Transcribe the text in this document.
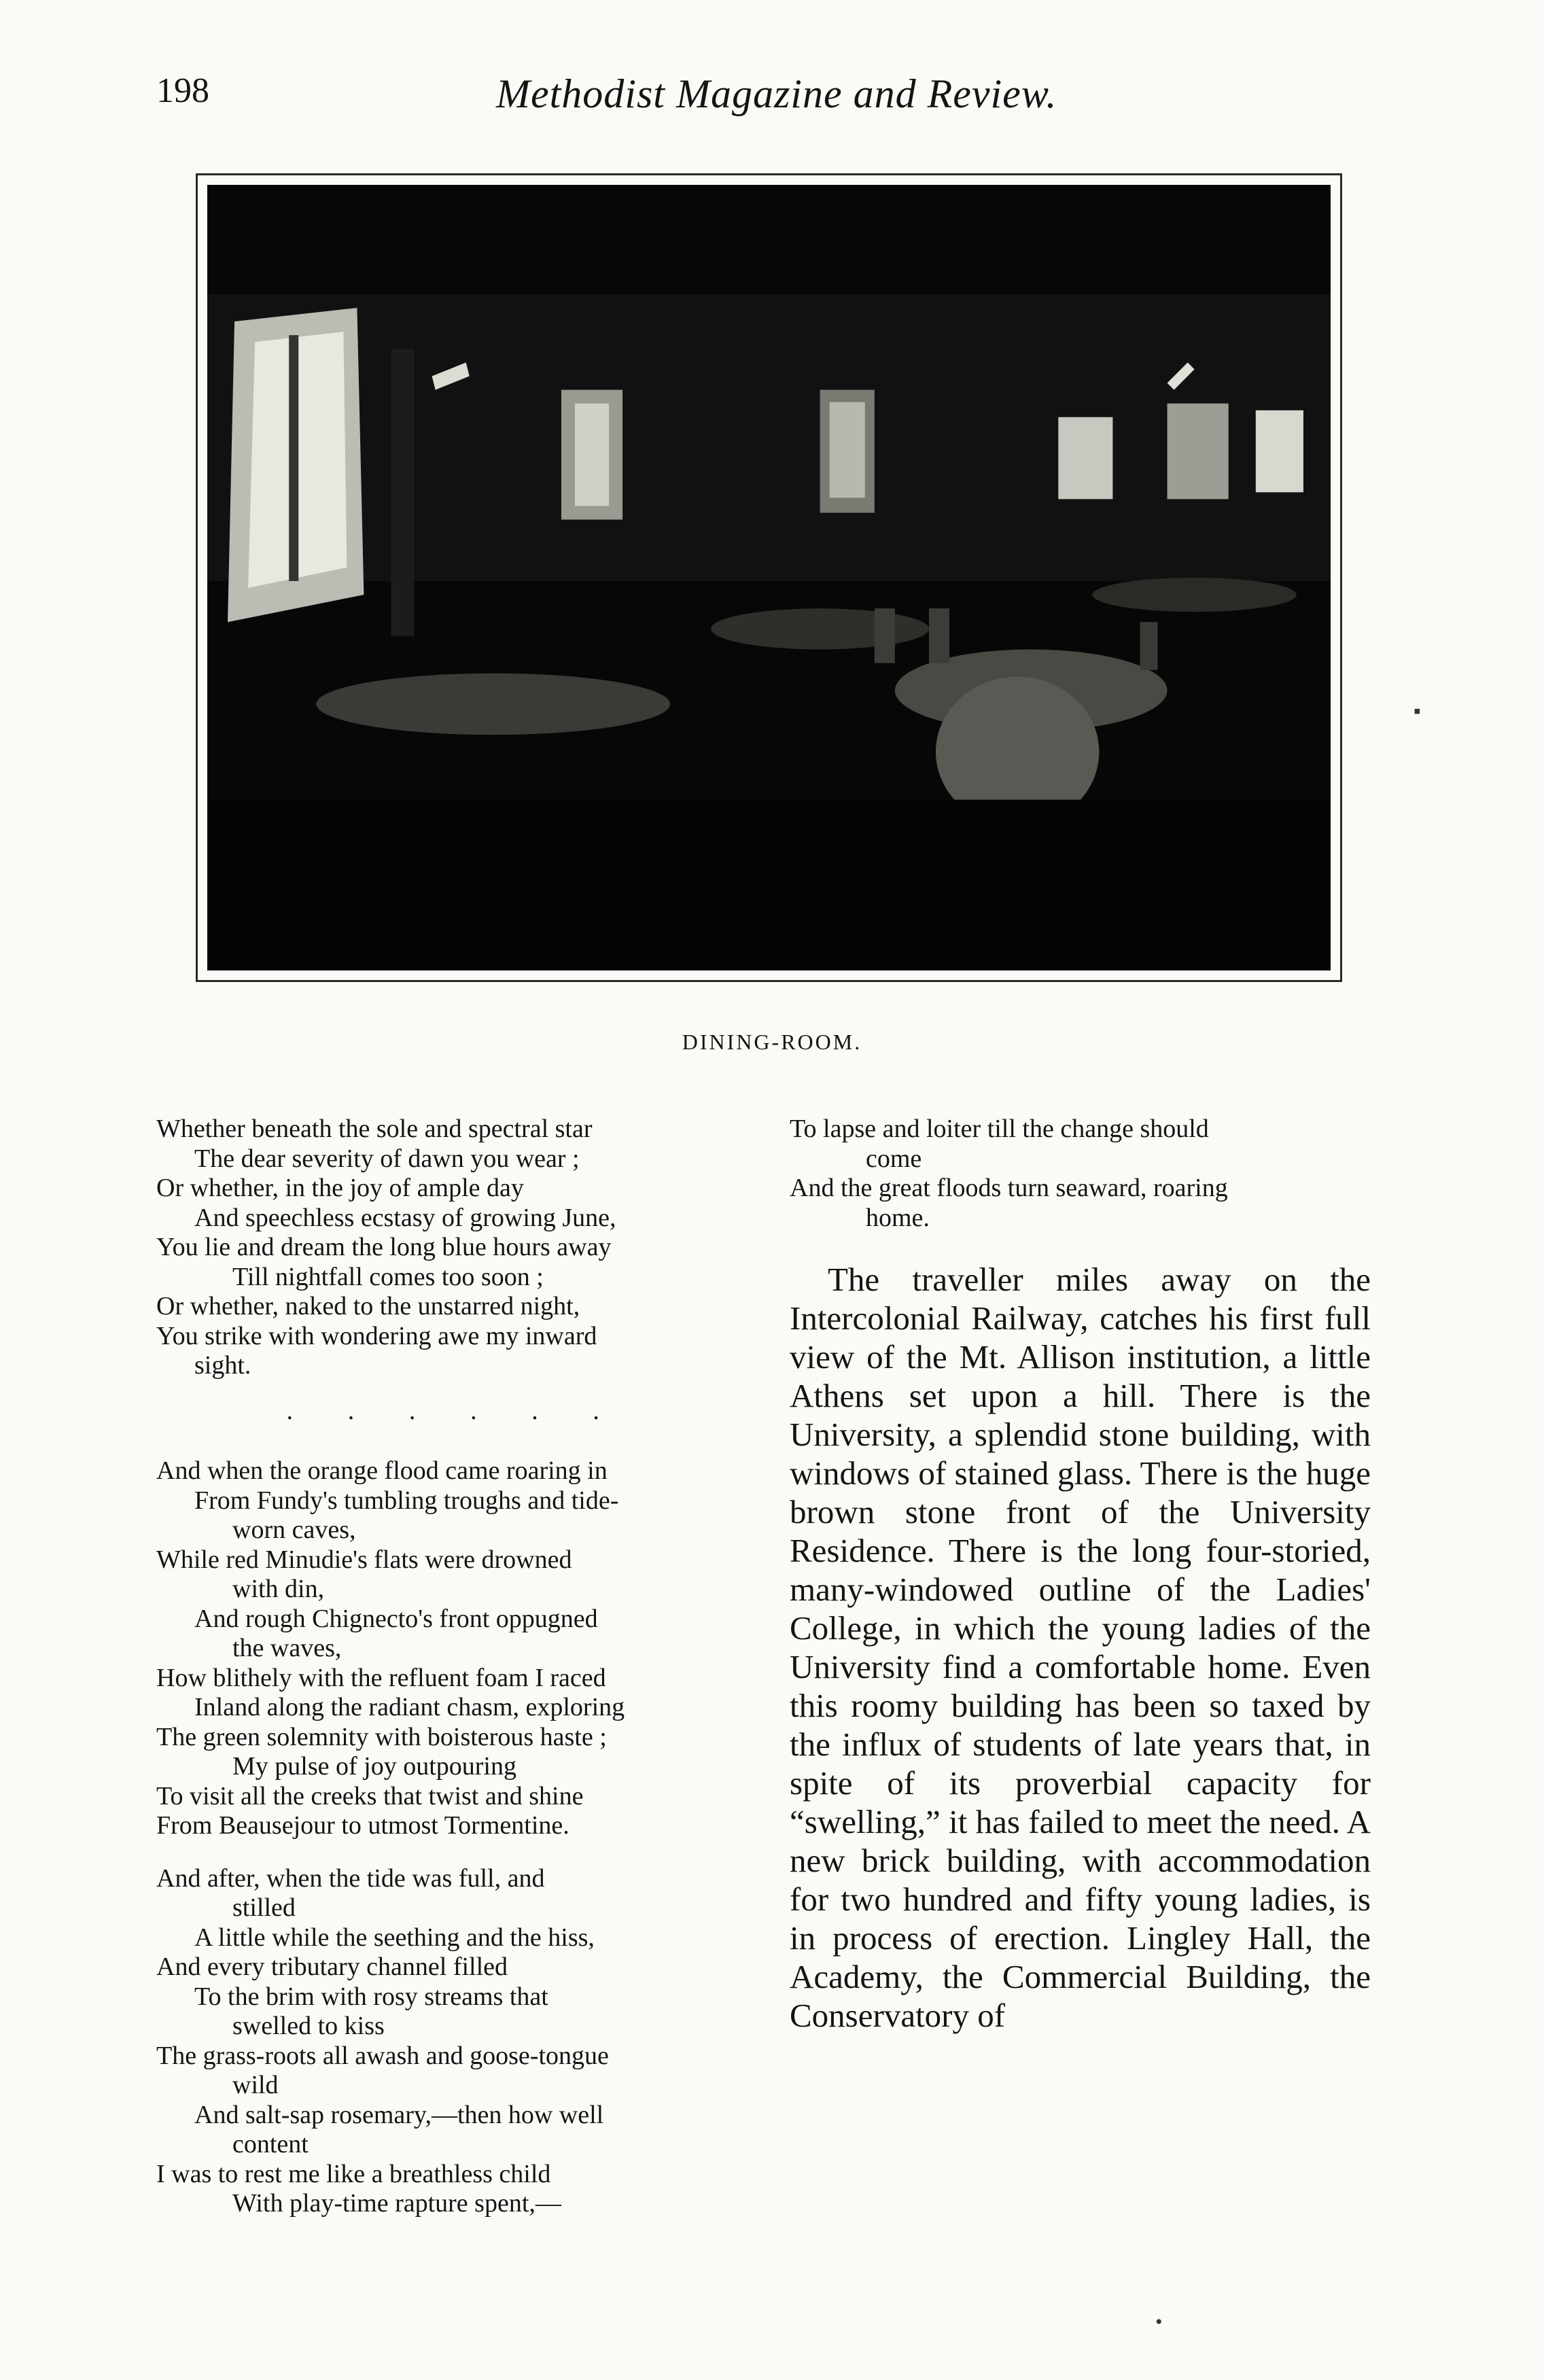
198	Methodist Magazine and Review.
DINING-ROOM.
Whether beneath the sole and spectral star
The dear severity of dawn you wear ;
Or whether, in the joy of ample day
And speechless ecstasy of growing June,
You lie and dream the long blue hours away
Till nightfall comes too soon ;
Or whether, naked to the unstarred night,
You strike with wondering awe my inward
sight.
· · · · · ·
And when the orange flood came roaring in
From Fundy's tumbling troughs and tide-
worn caves,
While red Minudie's flats were drowned
with din,
And rough Chignecto's front oppugned
the waves,
How blithely with the refluent foam I raced
Inland along the radiant chasm, exploring
The green solemnity with boisterous haste ;
My pulse of joy outpouring
To visit all the creeks that twist and shine
From Beausejour to utmost Tormentine.
And after, when the tide was full, and
stilled
A little while the seething and the hiss,
And every tributary channel filled
To the brim with rosy streams that
swelled to kiss
The grass-roots all awash and goose-tongue
wild
And salt-sap rosemary,—then how well
content
I was to rest me like a breathless child
With play-time rapture spent,—
To lapse and loiter till the change should
come
And the great floods turn seaward, roaring
home.

The traveller miles away on the Intercolonial Railway, catches his first full view of the Mt. Allison institution, a little Athens set upon a hill. There is the University, a splendid stone building, with windows of stained glass. There is the huge brown stone front of the University Residence. There is the long four-storied, many-windowed outline of the Ladies' College, in which the young ladies of the University find a comfortable home. Even this roomy building has been so taxed by the influx of students of late years that, in spite of its proverbial capacity for “swelling,” it has failed to meet the need. A new brick building, with accommodation for two hundred and fifty young ladies, is in process of erection. Lingley Hall, the Academy, the Commercial Building, the Conservatory of

▪
•
